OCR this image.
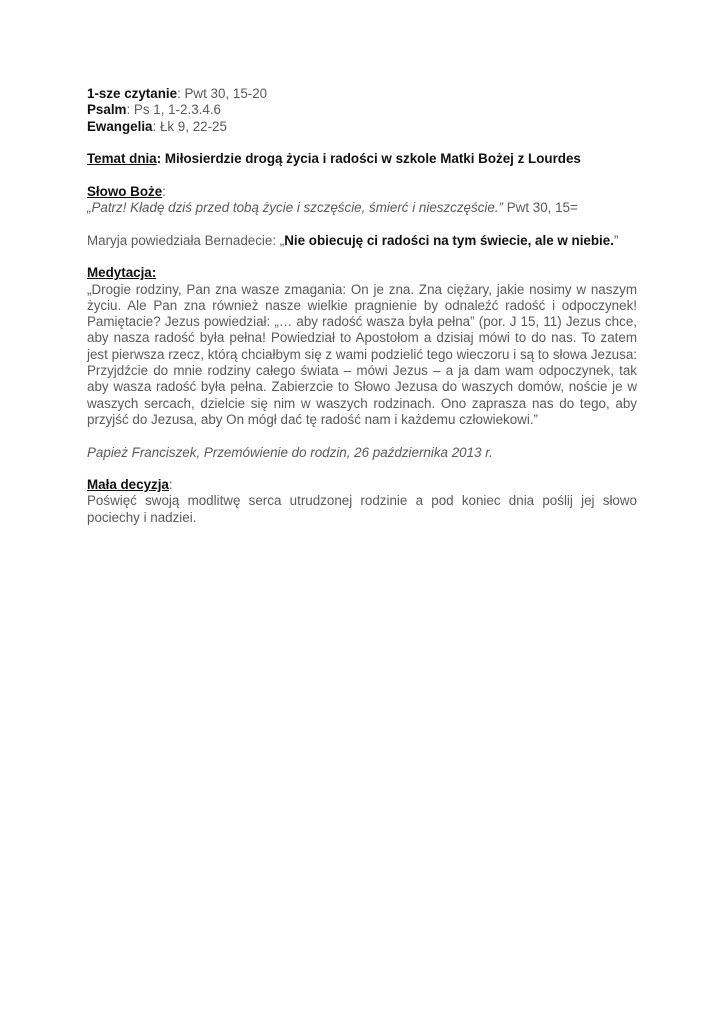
1-sze czytanie: Pwt 30, 15-20

Psalm: Ps 1, 1-2.3.4.6

Ewangelia: Łk 9, 22-25

Temat dnia: Miłosierdzie drogą życia i radości w szkole Matki Bożej z Lourdes

Słowo Boże:

„Patrz! Kładę dziś przed tobą życie i szczęście, śmierć i nieszczęście.” Pwt 30, 15=

Maryja powiedziała Bernadecie: „Nie obiecuję ci radości na tym świecie, ale w niebie.”

Medytacja:

„Drogie rodziny, Pan zna wasze zmagania: On je zna. Zna ciężary, jakie nosimy w naszym życiu. Ale Pan zna również nasze wielkie pragnienie by odnaleźć radość i odpoczynek! Pamiętacie? Jezus powiedział: „… aby radość wasza była pełna” (por. J 15, 11) Jezus chce, aby nasza radość była pełna! Powiedział to Apostołom a dzisiaj mówi to do nas. To zatem jest pierwsza rzecz, którą chciałbym się z wami podzielić tego wieczoru i są to słowa Jezusa: Przyjdźcie do mnie rodziny całego świata – mówi Jezus – a ja dam wam odpoczynek, tak aby wasza radość była pełna. Zabierzcie to Słowo Jezusa do waszych domów, noście je w waszych sercach, dzielcie się nim w waszych rodzinach. Ono zaprasza nas do tego, aby przyjść do Jezusa, aby On mógł dać tę radość nam i każdemu człowiekowi.”

Papież Franciszek, Przemówienie do rodzin, 26 października 2013 r.

Mała decyzja:

Poświęć swoją modlitwę serca utrudzonej rodzinie a pod koniec dnia poślij jej słowo pociechy i nadziei.
